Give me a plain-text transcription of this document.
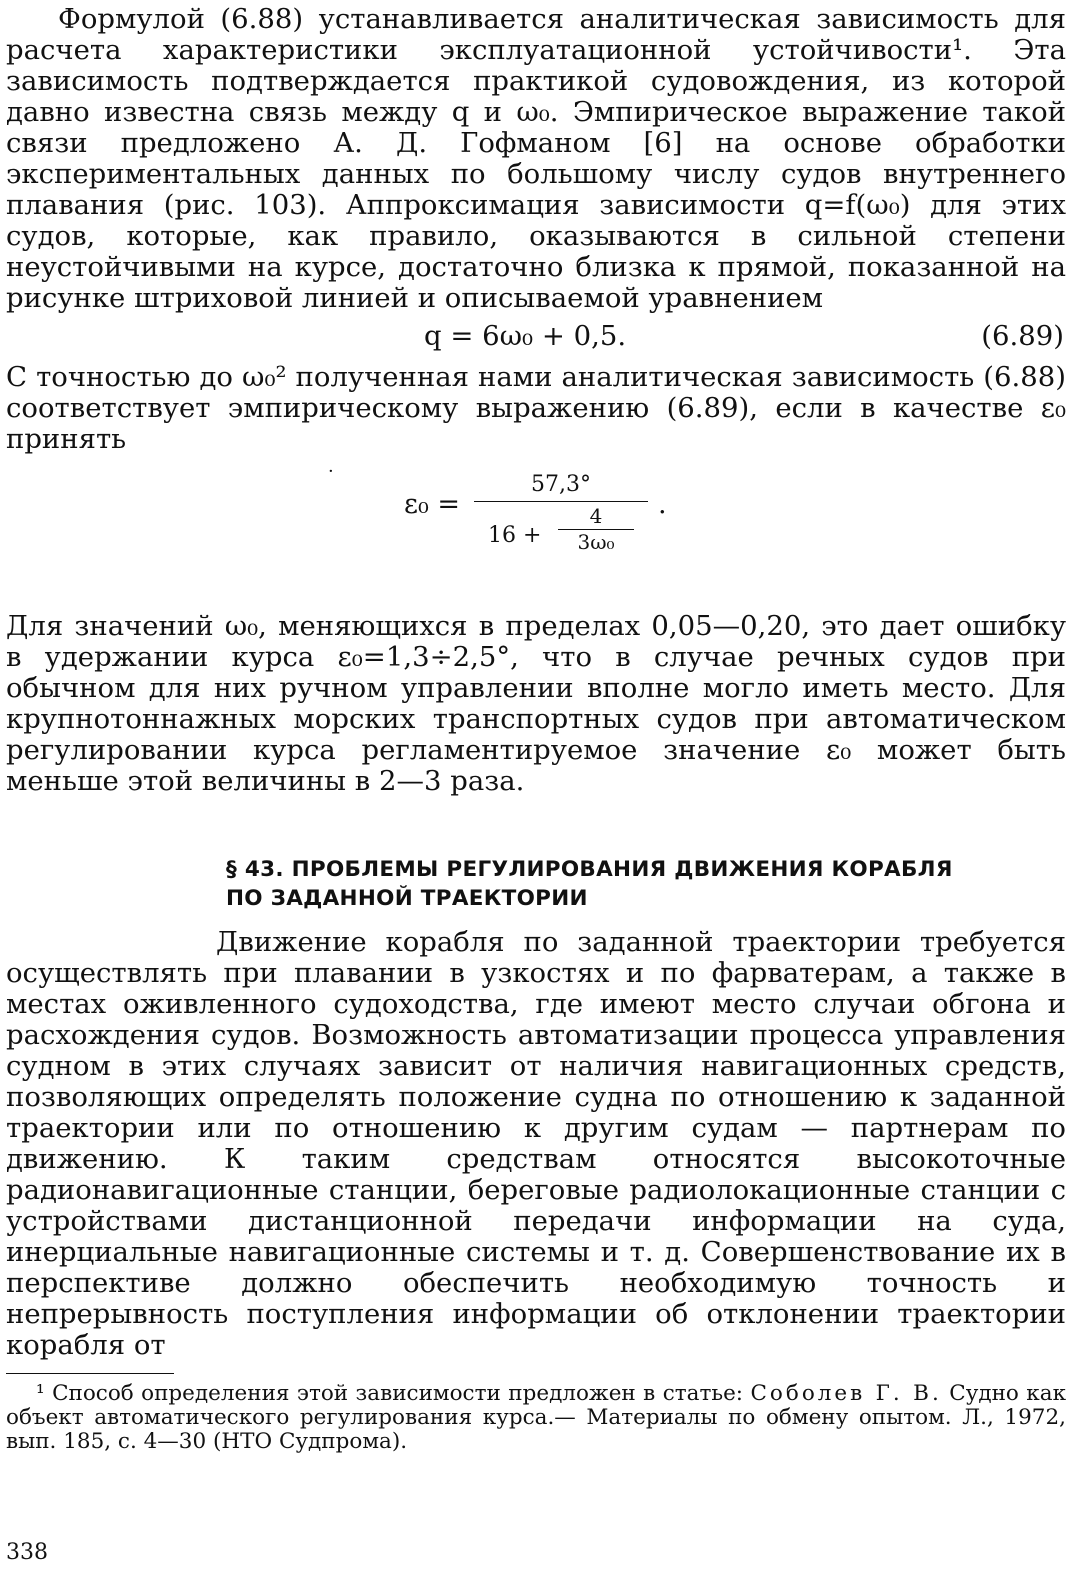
Формулой (6.88) устанавливается аналитическая зависимость для расчета характеристики эксплуатационной устойчивости¹. Эта зависимость подтверждается практикой судовождения, из которой давно известна связь между q и ω₀. Эмпирическое выражение такой связи предложено А. Д. Гофманом [6] на основе обработки экспериментальных данных по большому числу судов внутреннего плавания (рис. 103). Аппроксимация зависимости q=f(ω₀) для этих судов, которые, как правило, оказываются в сильной степени неустойчивыми на курсе, достаточно близка к прямой, показанной на рисунке штриховой линией и описываемой уравнением

q = 6ω₀ + 0,5.	(6.89)

С точностью до ω₀² полученная нами аналитическая зависимость (6.88) соответствует эмпирическому выражению (6.89), если в качестве ε₀ принять

·
$\varepsilon_0 = \frac{57,3^\circ}{16 + \frac{4}{\text{3ω₀}}}$ .

Для значений ω₀, меняющихся в пределах 0,05—0,20, это дает ошибку в удержании курса ε₀=1,3÷2,5°, что в случае речных судов при обычном для них ручном управлении вполне могло иметь место. Для крупнотоннажных морских транспортных судов при автоматическом регулировании курса регламентируемое значение ε₀ может быть меньше этой величины в 2—3 раза.

§ 43. ПРОБЛЕМЫ РЕГУЛИРОВАНИЯ ДВИЖЕНИЯ КОРАБЛЯ
ПО ЗАДАННОЙ ТРАЕКТОРИИ

Движение корабля по заданной траектории требуется осуществлять при плавании в узкостях и по фарватерам, а также в местах оживленного судоходства, где имеют место случаи обгона и расхождения судов. Возможность автоматизации процесса управления судном в этих случаях зависит от наличия навигационных средств, позволяющих определять положение судна по отношению к заданной траектории или по отношению к другим судам — партнерам по движению. К таким средствам относятся высокоточные радионавигационные станции, береговые радиолокационные станции с устройствами дистанционной передачи информации на суда, инерциальные навигационные системы и т. д. Совершенствование их в перспективе должно обеспечить необходимую точность и непрерывность поступления информации об отклонении траектории корабля от

¹ Способ определения этой зависимости предложен в статье: Соболев Г. В. Судно как объект автоматического регулирования курса.— Материалы по обмену опытом. Л., 1972, вып. 185, с. 4—30 (НТО Судпрома).

338
